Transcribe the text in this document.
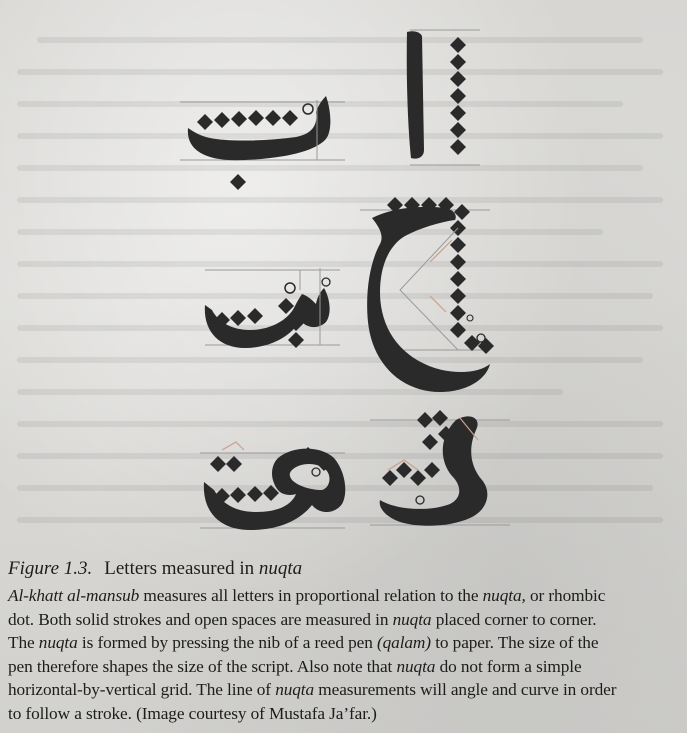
Figure 1.3. Letters measured in nuqta
Al-khatt al-mansub measures all letters in proportional relation to the nuqta, or rhombic
dot. Both solid strokes and open spaces are measured in nuqta placed corner to corner.
The nuqta is formed by pressing the nib of a reed pen (qalam) to paper. The size of the
pen therefore shapes the size of the script. Also note that nuqta do not form a simple
horizontal-by-vertical grid. The line of nuqta measurements will angle and curve in order
to follow a stroke. (Image courtesy of Mustafa Ja’far.)
